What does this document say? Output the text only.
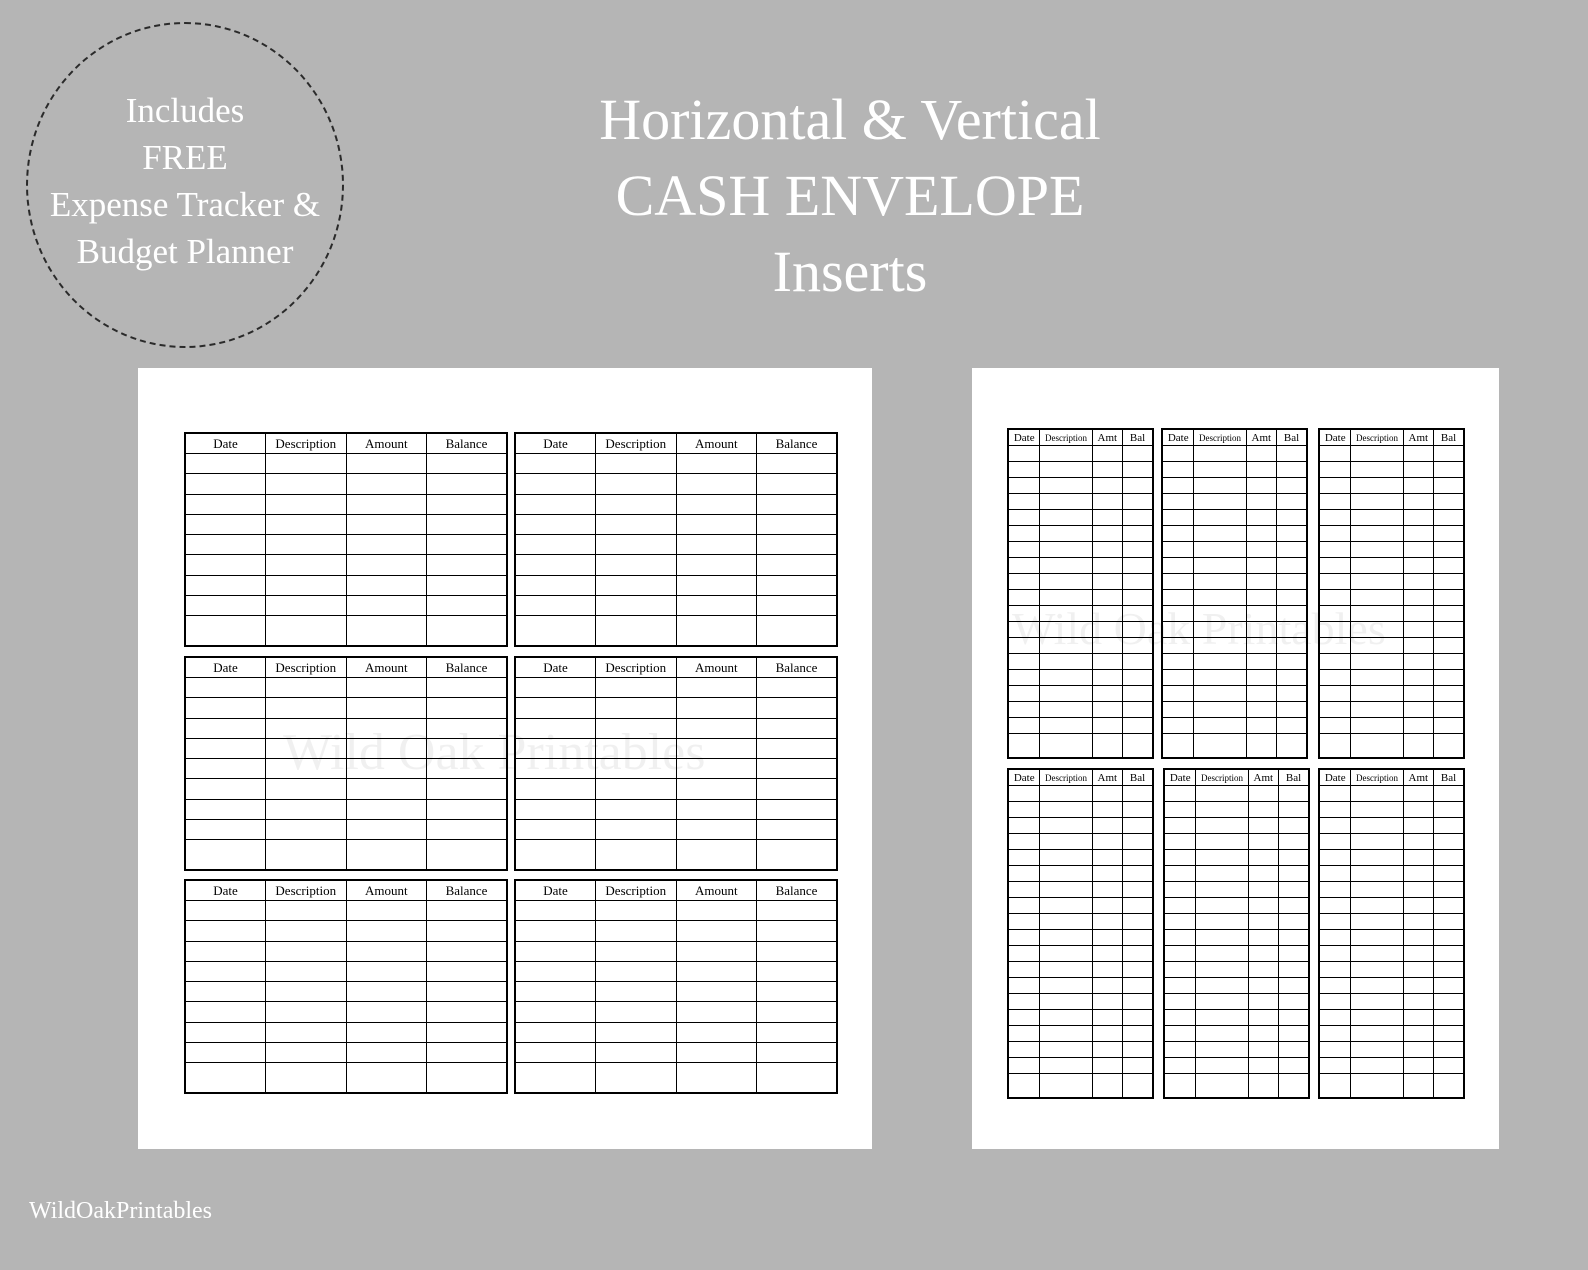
Includes
FREE
Expense Tracker &
Budget Planner
Horizontal & Vertical
CASH ENVELOPE
Inserts
Wild Oak Printables
Date	Description	Amount	Balance

				Date	Description	Amount	Balance

Date	Description	Amount	Balance

				Date	Description	Amount	Balance

Date	Description	Amount	Balance

				Date	Description	Amount	Balance

Wild Oak Printables
Date	Description	Amt	Bal

			Date	Description	Amt	Bal

			Date	Description	Amt	Bal

Date	Description	Amt	Bal

			Date	Description	Amt	Bal

			Date	Description	Amt	Bal

WildOakPrintables
